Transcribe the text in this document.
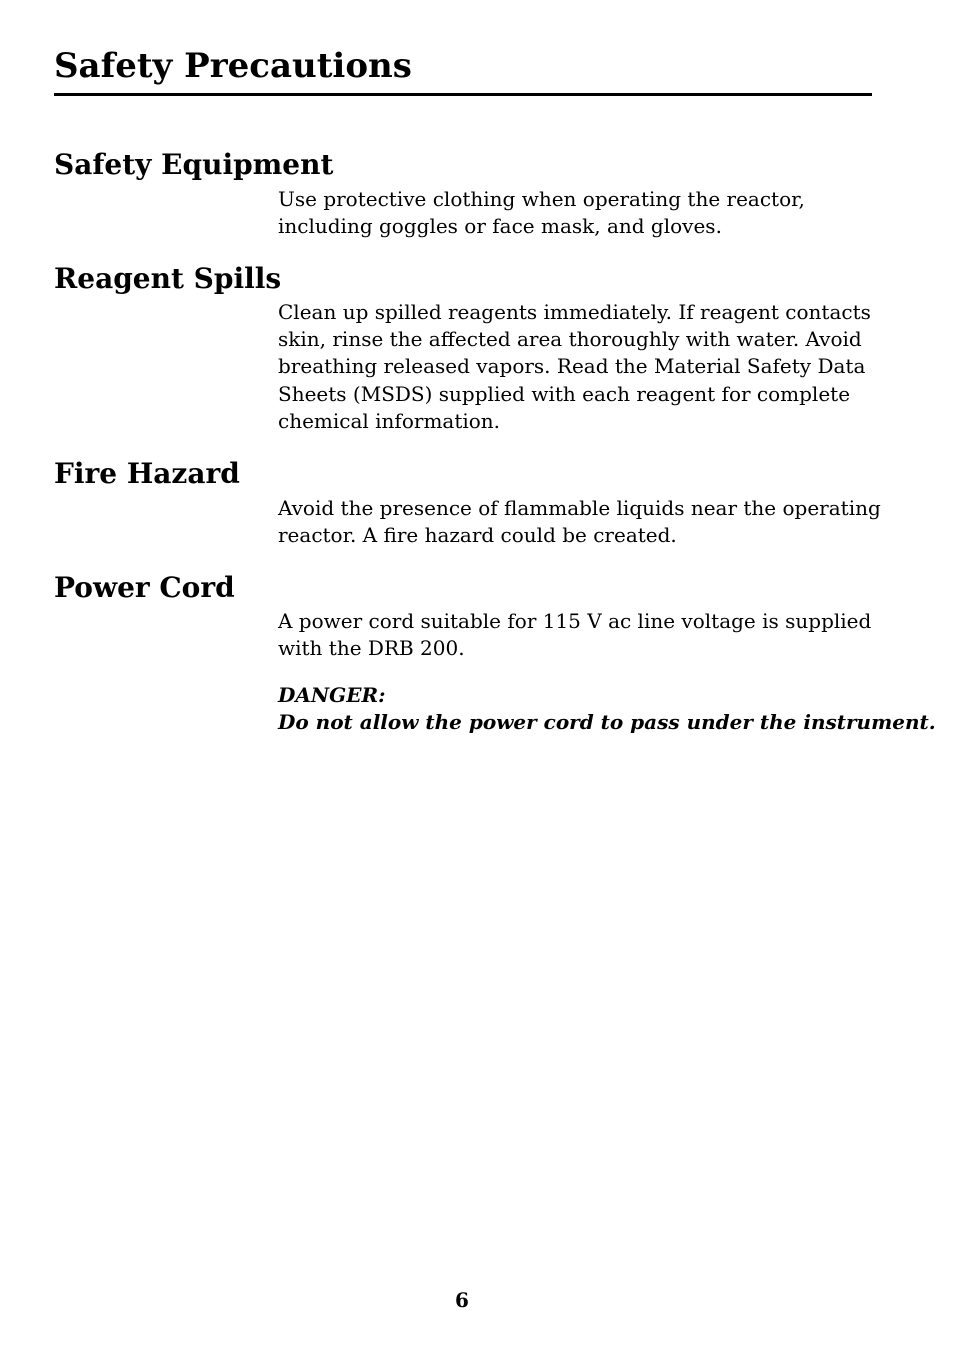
Safety Precautions
Safety Equipment
Use protective clothing when operating the reactor,
including goggles or face mask, and gloves.
Reagent Spills
Clean up spilled reagents immediately. If reagent contacts
skin, rinse the affected area thoroughly with water. Avoid
breathing released vapors. Read the Material Safety Data
Sheets (MSDS) supplied with each reagent for complete
chemical information.
Fire Hazard
Avoid the presence of flammable liquids near the operating
reactor. A fire hazard could be created.
Power Cord
A power cord suitable for 115 V ac line voltage is supplied
with the DRB 200.
DANGER:
Do not allow the power cord to pass under the instrument.
6
